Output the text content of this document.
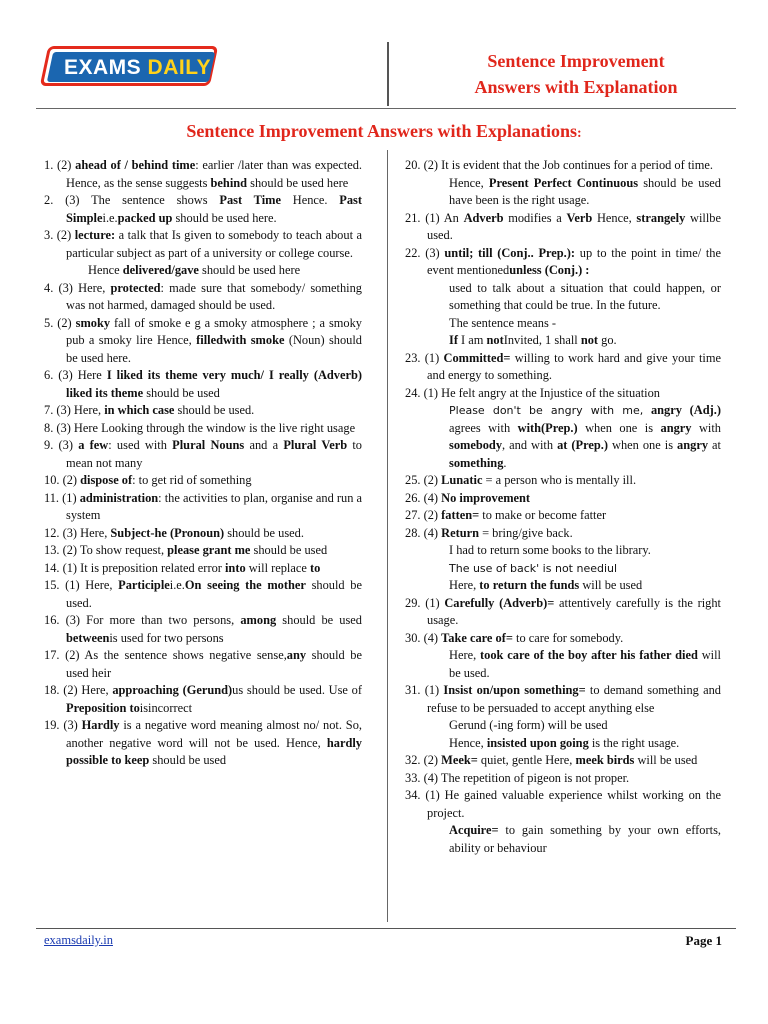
EXAMS DAILY	Sentence Improvement
Answers with Explanation
Sentence Improvement Answers with Explanations:

1. (2) ahead of / behind time: earlier /later than was expected. Hence, as the sense suggests behind should be used here

2. (3) The sentence shows Past Time Hence. Past Simplei.e.packed up should be used here.

3. (2) lecture: a talk that Is given to somebody to teach about a particular subject as part of a university or college course.

Hence delivered/gave should be used here

4. (3) Here, protected: made sure that somebody/ something was not harmed, damaged should be used.

5. (2) smoky fall of smoke e g a smoky atmosphere ; a smoky pub a smoky lire Hence, filledwith smoke (Noun) should be used here.

6. (3) Here I liked its theme very much/ I really (Adverb) liked its theme should be used

7. (3) Here, in which case should be used.

8. (3) Here Looking through the window is the live right usage

9. (3) a few: used with Plural Nouns and a Plural Verb to mean not many

10. (2) dispose of: to get rid of something

11. (1) administration: the activities to plan, organise and run a system

12. (3) Here, Subject-he (Pronoun) should be used.

13. (2) To show request, please grant me should be used

14. (1) It is preposition related error into will replace to

15. (1) Here, Participlei.e.On seeing the mother should be used.

16. (3) For more than two persons, among should be used betweenis used for two persons

17. (2) As the sentence shows negative sense,any should be used heir

18. (2) Here, approaching (Gerund)us should be used. Use of Preposition toisincorrect

19. (3) Hardly is a negative word meaning almost no/ not. So, another negative word will not be used. Hence, hardly possible to keep should be used

20. (2) It is evident that the Job continues for a period of time.

Hence, Present Perfect Continuous should be used have been is the right usage.

21. (1) An Adverb modifies a Verb Hence, strangely willbe used.

22. (3) until; till (Conj.. Prep.): up to the point in time/ the event mentionedunless (Conj.) :

used to talk about a situation that could happen, or something that could be true. In the future.

The sentence means -

If I am notInvited, 1 shall not go.

23. (1) Committed= willing to work hard and give your time and energy to something.

24. (1) He felt angry at the Injustice of the situation

Please don't be angry with me, angry (Adj.) agrees with with(Prep.) when one is angry with somebody, and with at (Prep.) when one is angry at something.

25. (2) Lunatic = a person who is mentally ill.

26. (4) No improvement

27. (2) fatten= to make or become fatter

28. (4) Return = bring/give back.

I had to return some books to the library.

The use of back' is not neediul

Here, to return the funds will be used

29. (1) Carefully (Adverb)= attentively carefully is the right usage.

30. (4) Take care of= to care for somebody.

Here, took care of the boy after his father died will be used.

31. (1) Insist on/upon something= to demand something and refuse to be persuaded to accept anything else

Gerund (-ing form) will be used

Hence, insisted upon going is the right usage.

32. (2) Meek= quiet, gentle Here, meek birds will be used

33. (4) The repetition of pigeon is not proper.

34. (1) He gained valuable experience whilst working on the project.

Acquire= to gain something by your own efforts, ability or behaviour

examsdaily.in	Page 1
